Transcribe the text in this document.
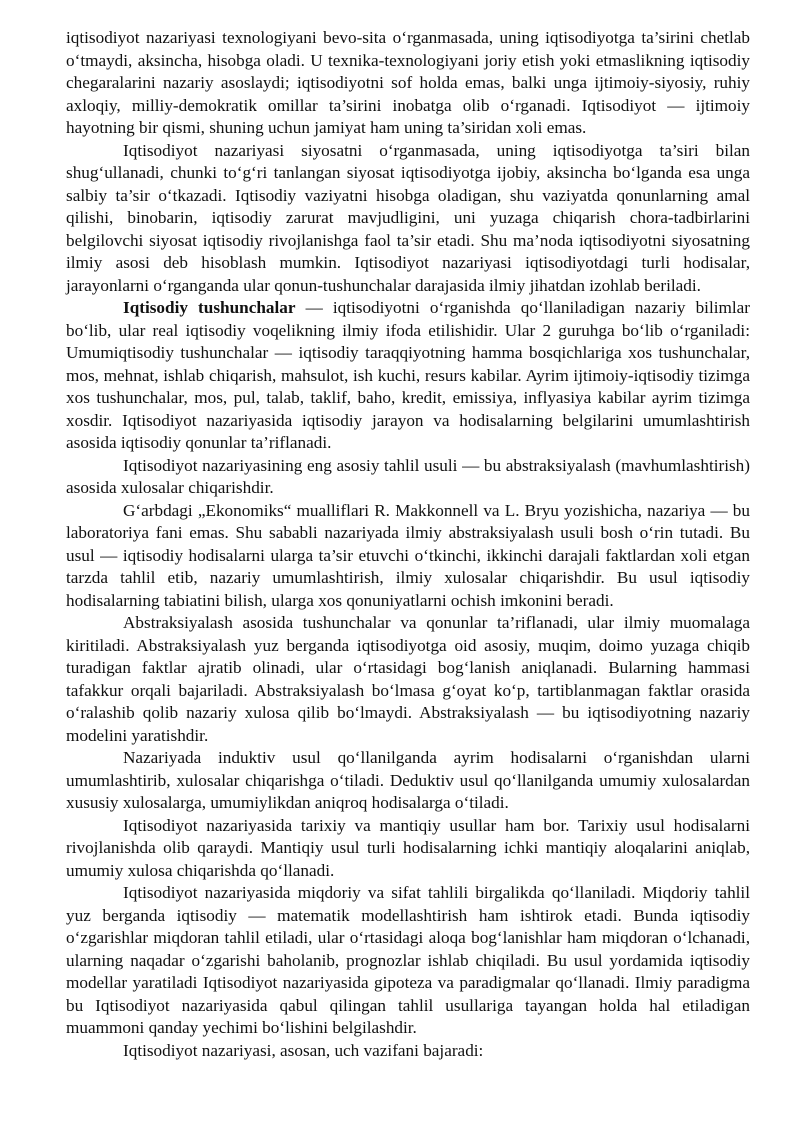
iqtisodiyot nazariyasi texnologiyani bevo-sita o‘rganmasada, uning iqtisodiyotga ta’sirini chetlab o‘tmaydi, aksincha, hisobga oladi. U texnika-texnologiyani joriy etish yoki etmaslikning iqtisodiy chegaralarini nazariy asoslaydi; iqtisodiyotni sof holda emas, balki unga ijtimoiy-siyosiy, ruhiy axloqiy, milliy-demokratik omillar ta’sirini inobatga olib o‘rganadi. Iqtisodiyot — ijtimoiy hayotning bir qismi, shuning uchun jamiyat ham uning ta’siridan xoli emas.

Iqtisodiyot nazariyasi siyosatni o‘rganmasada, uning iqtisodiyotga ta’siri bilan shug‘ullanadi, chunki to‘g‘ri tanlangan siyosat iqtisodiyotga ijobiy, aksincha bo‘lganda esa unga salbiy ta’sir o‘tkazadi. Iqtisodiy vaziyatni hisobga oladigan, shu vaziyatda qonunlarning amal qilishi, binobarin, iqtisodiy zarurat mavjudligini, uni yuzaga chiqarish chora-tadbirlarini belgilovchi siyosat iqtisodiy rivojlanishga faol ta’sir etadi. Shu ma’noda iqtisodiyotni siyosatning ilmiy asosi deb hisoblash mumkin. Iqtisodiyot nazariyasi iqtisodiyotdagi turli hodisalar, jarayonlarni o‘rganganda ular qonun-tushunchalar darajasida ilmiy jihatdan izohlab beriladi.

Iqtisodiy tushunchalar — iqtisodiyotni o‘rganishda qo‘llaniladigan nazariy bilimlar bo‘lib, ular real iqtisodiy voqelikning ilmiy ifoda etilishidir. Ular 2 guruhga bo‘lib o‘rganiladi: Umumiqtisodiy tushunchalar — iqtisodiy taraqqiyotning hamma bosqichlariga xos tushunchalar, mos, mehnat, ishlab chiqarish, mahsulot, ish kuchi, resurs kabilar. Ayrim ijtimoiy-iqtisodiy tizimga xos tushunchalar, mos, pul, talab, taklif, baho, kredit, emissiya, inflyasiya kabilar ayrim tizimga xosdir. Iqtisodiyot nazariyasida iqtisodiy jarayon va hodisalarning belgilarini umumlashtirish asosida iqtisodiy qonunlar ta’riflanadi.

Iqtisodiyot nazariyasining eng asosiy tahlil usuli — bu abstraksiyalash (mavhumlashtirish) asosida xulosalar chiqarishdir.

G‘arbdagi „Ekonomiks“ mualliflari R. Makkonnell va L. Bryu yozishicha, nazariya — bu laboratoriya fani emas. Shu sababli nazariyada ilmiy abstraksiyalash usuli bosh o‘rin tutadi. Bu usul — iqtisodiy hodisalarni ularga ta’sir etuvchi o‘tkinchi, ikkinchi darajali faktlardan xoli etgan tarzda tahlil etib, nazariy umumlashtirish, ilmiy xulosalar chiqarishdir. Bu usul iqtisodiy hodisalarning tabiatini bilish, ularga xos qonuniyatlarni ochish imkonini beradi.

Abstraksiyalash asosida tushunchalar va qonunlar ta’riflanadi, ular ilmiy muomalaga kiritiladi. Abstraksiyalash yuz berganda iqtisodiyotga oid asosiy, muqim, doimo yuzaga chiqib turadigan faktlar ajratib olinadi, ular o‘rtasidagi bog‘lanish aniqlanadi. Bularning hammasi tafakkur orqali bajariladi. Abstraksiyalash bo‘lmasa g‘oyat ko‘p, tartiblanmagan faktlar orasida o‘ralashib qolib nazariy xulosa qilib bo‘lmaydi. Abstraksiyalash — bu iqtisodiyotning nazariy modelini yaratishdir.

Nazariyada induktiv usul qo‘llanilganda ayrim hodisalarni o‘rganishdan ularni umumlashtirib, xulosalar chiqarishga o‘tiladi. Deduktiv usul qo‘llanilganda umumiy xulosalardan xususiy xulosalarga, umumiylikdan aniqroq hodisalarga o‘tiladi.

Iqtisodiyot nazariyasida tarixiy va mantiqiy usullar ham bor. Tarixiy usul hodisalarni rivojlanishda olib qaraydi. Mantiqiy usul turli hodisalarning ichki mantiqiy aloqalarini aniqlab, umumiy xulosa chiqarishda qo‘llanadi.

Iqtisodiyot nazariyasida miqdoriy va sifat tahlili birgalikda qo‘llaniladi. Miqdoriy tahlil yuz berganda iqtisodiy — matematik modellashtirish ham ishtirok etadi. Bunda iqtisodiy o‘zgarishlar miqdoran tahlil etiladi, ular o‘rtasidagi aloqa bog‘lanishlar ham miqdoran o‘lchanadi, ularning naqadar o‘zgarishi baholanib, prognozlar ishlab chiqiladi. Bu usul yordamida iqtisodiy modellar yaratiladi Iqtisodiyot nazariyasida gipoteza va paradigmalar qo‘llanadi. Ilmiy paradigma bu Iqtisodiyot nazariyasida qabul qilingan tahlil usullariga tayangan holda hal etiladigan muammoni qanday yechimi bo‘lishini belgilashdir.

Iqtisodiyot nazariyasi, asosan, uch vazifani bajaradi:
